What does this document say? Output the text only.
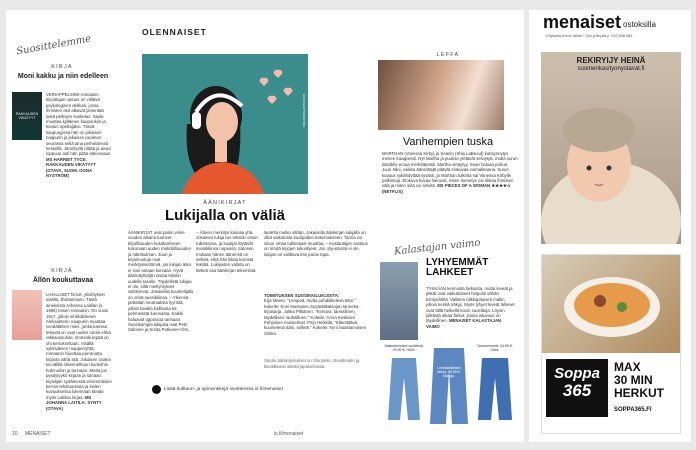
Suosittelemme
KIRJA
Moni kakku ja niin edelleen
RAKKAUDEN VIKATYYT
VERIAPPELSIINI-romaanin kirjoittajan uutuus on viiltävä psykologinen dekkari, jossa ihmisten olot alkavat pimentää sekä pelkojen kosketus. Sadie muuttaa kylläinen kaupunkiin ja koulun opettajaksi. Tässä kaupungissa hän on jokaisen naapurin ja jokaisen puolison seurassa sekä aina perheidensä keskellä. Jännitystä riittää ja aivan loppuun asti hän pitää otteessaan. MS HARRIET TYCE: RAKKAUDEN VIKATYYT (OTAVA, SUOM. OONA NYSTRÖM)
KIRJA
Ällön koukuttavaa
LIHALLISET himot, yliviritykset sisältö, lihottaminen. Tästä aineksista Johanna Laitilan (s. 1986) toisen romaanin. On vuosi 1917, jolloin sinkkidiskeen Aleksanterin naapuriin muuttaa vendäläinen mies, jonka kanssa tekevät on ovat uuden oman ehkä rakkaussuhde. Groteski lepää on ohi kertokseltaan. Sisällä sykkiväinen mapperryhtä, romaanin hiivottaa purranutta kirjasta vähä sitä. Jokaisen osakin tai välillä rakennelttuun kuntoihin hahmoihin ja tarinaan. Mutta jos pysäytyykö kirjaan ja sanaan, kirjailijan sydämessä ensimmäisen kerran tekstuureista ja kielen kuvauksessa lukemaan tämän myös Laitilan kirjaa. MS JOHANNA LAITILA: SYNTY (OTAVA)
OLENNAISET
KUVA SHUTTERSTOCK
ÄÄNIKIRJAT
Lukijalla on väliä
ÄÄNIKIRJAT ovat pariin viime vuoden aikana tuoneet kirjallisuuden kuluttamiseen kokonaan uuden mahdollisuuden ja näkökulman. Juuri ja kirjamuotoja ovat merkityksettömiä, jos lukijan ääni ei sovi omaan korvaan. Hyvä ääninäyttelijä nostaa tekstin uudelle tasolle. Täydellistä lukijaa ei ole, sillä mieltymykset vaihtelevat. Jokaisella kuuntelijalla on omat suosikkinsa. – Yleensä pidetään neutraalista lyyristä, jollain tavalla hallitusta tai pehmeästä luennasta. Kaikki haluavat uppoutua tarinaan. Suosituimpia lukijoita ovat Petri Salonen ja Krista Putkonen-Örn.
– Äänen merkitys kasvaa yhä. Jokainen lukija tuo tekstiin oman tulkintansa, ja kuulijat löytävät suosikkinsa nopeasti. Salosen mukaan hänen äänensä on selkeä, eikä hän liikaa korosta tekstiä. Lukijoiden valinta on tärkeä osa äänikirjan tekemistä.
lautetta melko vähän. Jokaisella äänikirjan lukijalla on ollut vaikutusta kuulijoiden kokemukseen. Tarina voi sinun omaa tulkintaasi muuttaa. – Kustantajan vastaus on tehdä kirjojen lukuohjeet. Jos ohjeistusta ei ole, lukijan on valittava itse paras tapa.
TOIMITUKSEN SUOSIKKILUKIJOITA:
Erja Manto. "Lempeä, mutta pohdiskeleva ääni." Kokeile: Enni Mustosen Syrjästäkatsojan tarinoita -kirjasarja. Jukka Pitkänen. "Kertova, tarinallinen, täydellisen rauhallinen." Kokeile: Anna Keskisen Pohjoisen muistelmat. Pirjo Heikkilä. "Elävöittävä, kuunteleva ääni, selkeä." Kokeile: Anni Saastamoisen Sirkku.
Studio äänikirjoitukset on Storytelin, Bookbeatin ja BookBeatin äänikirjapalveluissa.
Lisää kulttuuri- ja opinvinkkejä osoitteessa is.fi/menaiset
LEFFA
Vanhempien tuska
MARTHAN (Vanessa Kirby) ja Seanin (Shia LaBeouf) kotisynnytys menee traagisesti. Nyt Martha ja puoliso yrittävät selviytyä, mutta surun käsittely eroaa merkittävästi. Martha vetäytyy, Sean haluaa puhua. Juuri ääni, vaikka äänestäjät pitävät elokuvaa voimakkaana. Surun kuvaus sykähdyttää syvästi, ja Marthan tulkinta sai Vanessa Kirbylle palkintoja. Elokuva kuvaa hienosti, miten menetys voi rikkoa ihmisten välit ja miten siitä voi selvitä. MS PIECES OF A WOMAN ★★★★☆ (NETFLIX)
Kalastajan vaimo
LYHYEMMÄT LAHKEET
TYKKÄÄN kennosta farkuista, mutta leveät ja pitkät ovat vaikuttaneet helposti vähän kömpelöiltä. Valitsen nilkkapituisen mallin, jolloin kenkä näkyy. Myös lyhyet leveät lahkeet ovat tällä hetkellä kovin suosittuja. Löysin pitkästä aikaa farkut, joissa istuvuus on täydellinen. MENAISET KALASTAJAN VAIMO
Vaaleansiniset culottesit, 29,90 €, H&M.
Leveälahkeiset farkut, 39,95 €, Mango.
Tummemmät, 34,95 €, Zara.
10 MENAISET	is.fi/menaiset
menaiset ostoksilla
Yrityksesi meno tähän? Ota yhteyttä p. 010 808 085
REKIRYIJY HEINÄ
suomenkasityonystavat.fi
Soppa
365
MAX
30 MIN
HERKUT
SOPPA365.FI
